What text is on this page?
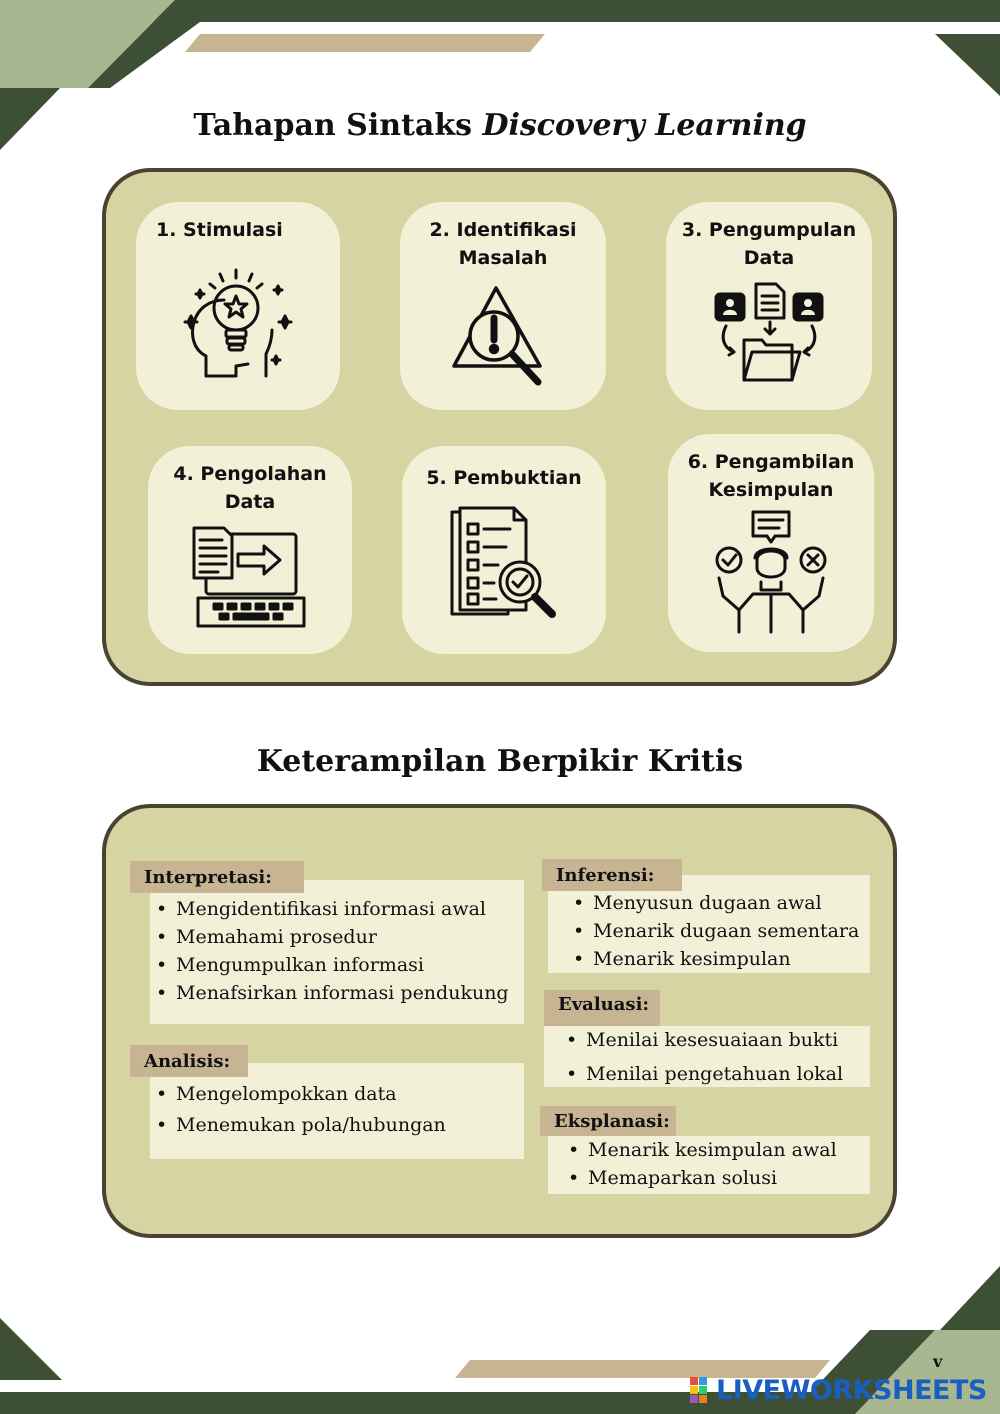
Tahapan Sintaks Discovery Learning
1. Stimulasi	2. Identifikasi
Masalah
3. Pengumpulan
Data
4. Pengolahan
Data
5. Pembuktian
6. Pengambilan
Kesimpulan
Keterampilan Berpikir Kritis
• Mengidentifikasi informasi awal
• Memahami prosedur
• Mengumpulkan informasi
• Menafsirkan informasi pendukung
Interpretasi:
• Mengelompokkan data
• Menemukan pola/hubungan
Analisis:
• Menyusun dugaan awal
• Menarik dugaan sementara
• Menarik kesimpulan
Inferensi:
• Menilai kesesuaiaan bukti
• Menilai pengetahuan lokal
Evaluasi:
• Menarik kesimpulan awal
• Memaparkan solusi
Eksplanasi:
v
LIVEWORKSHEETS
